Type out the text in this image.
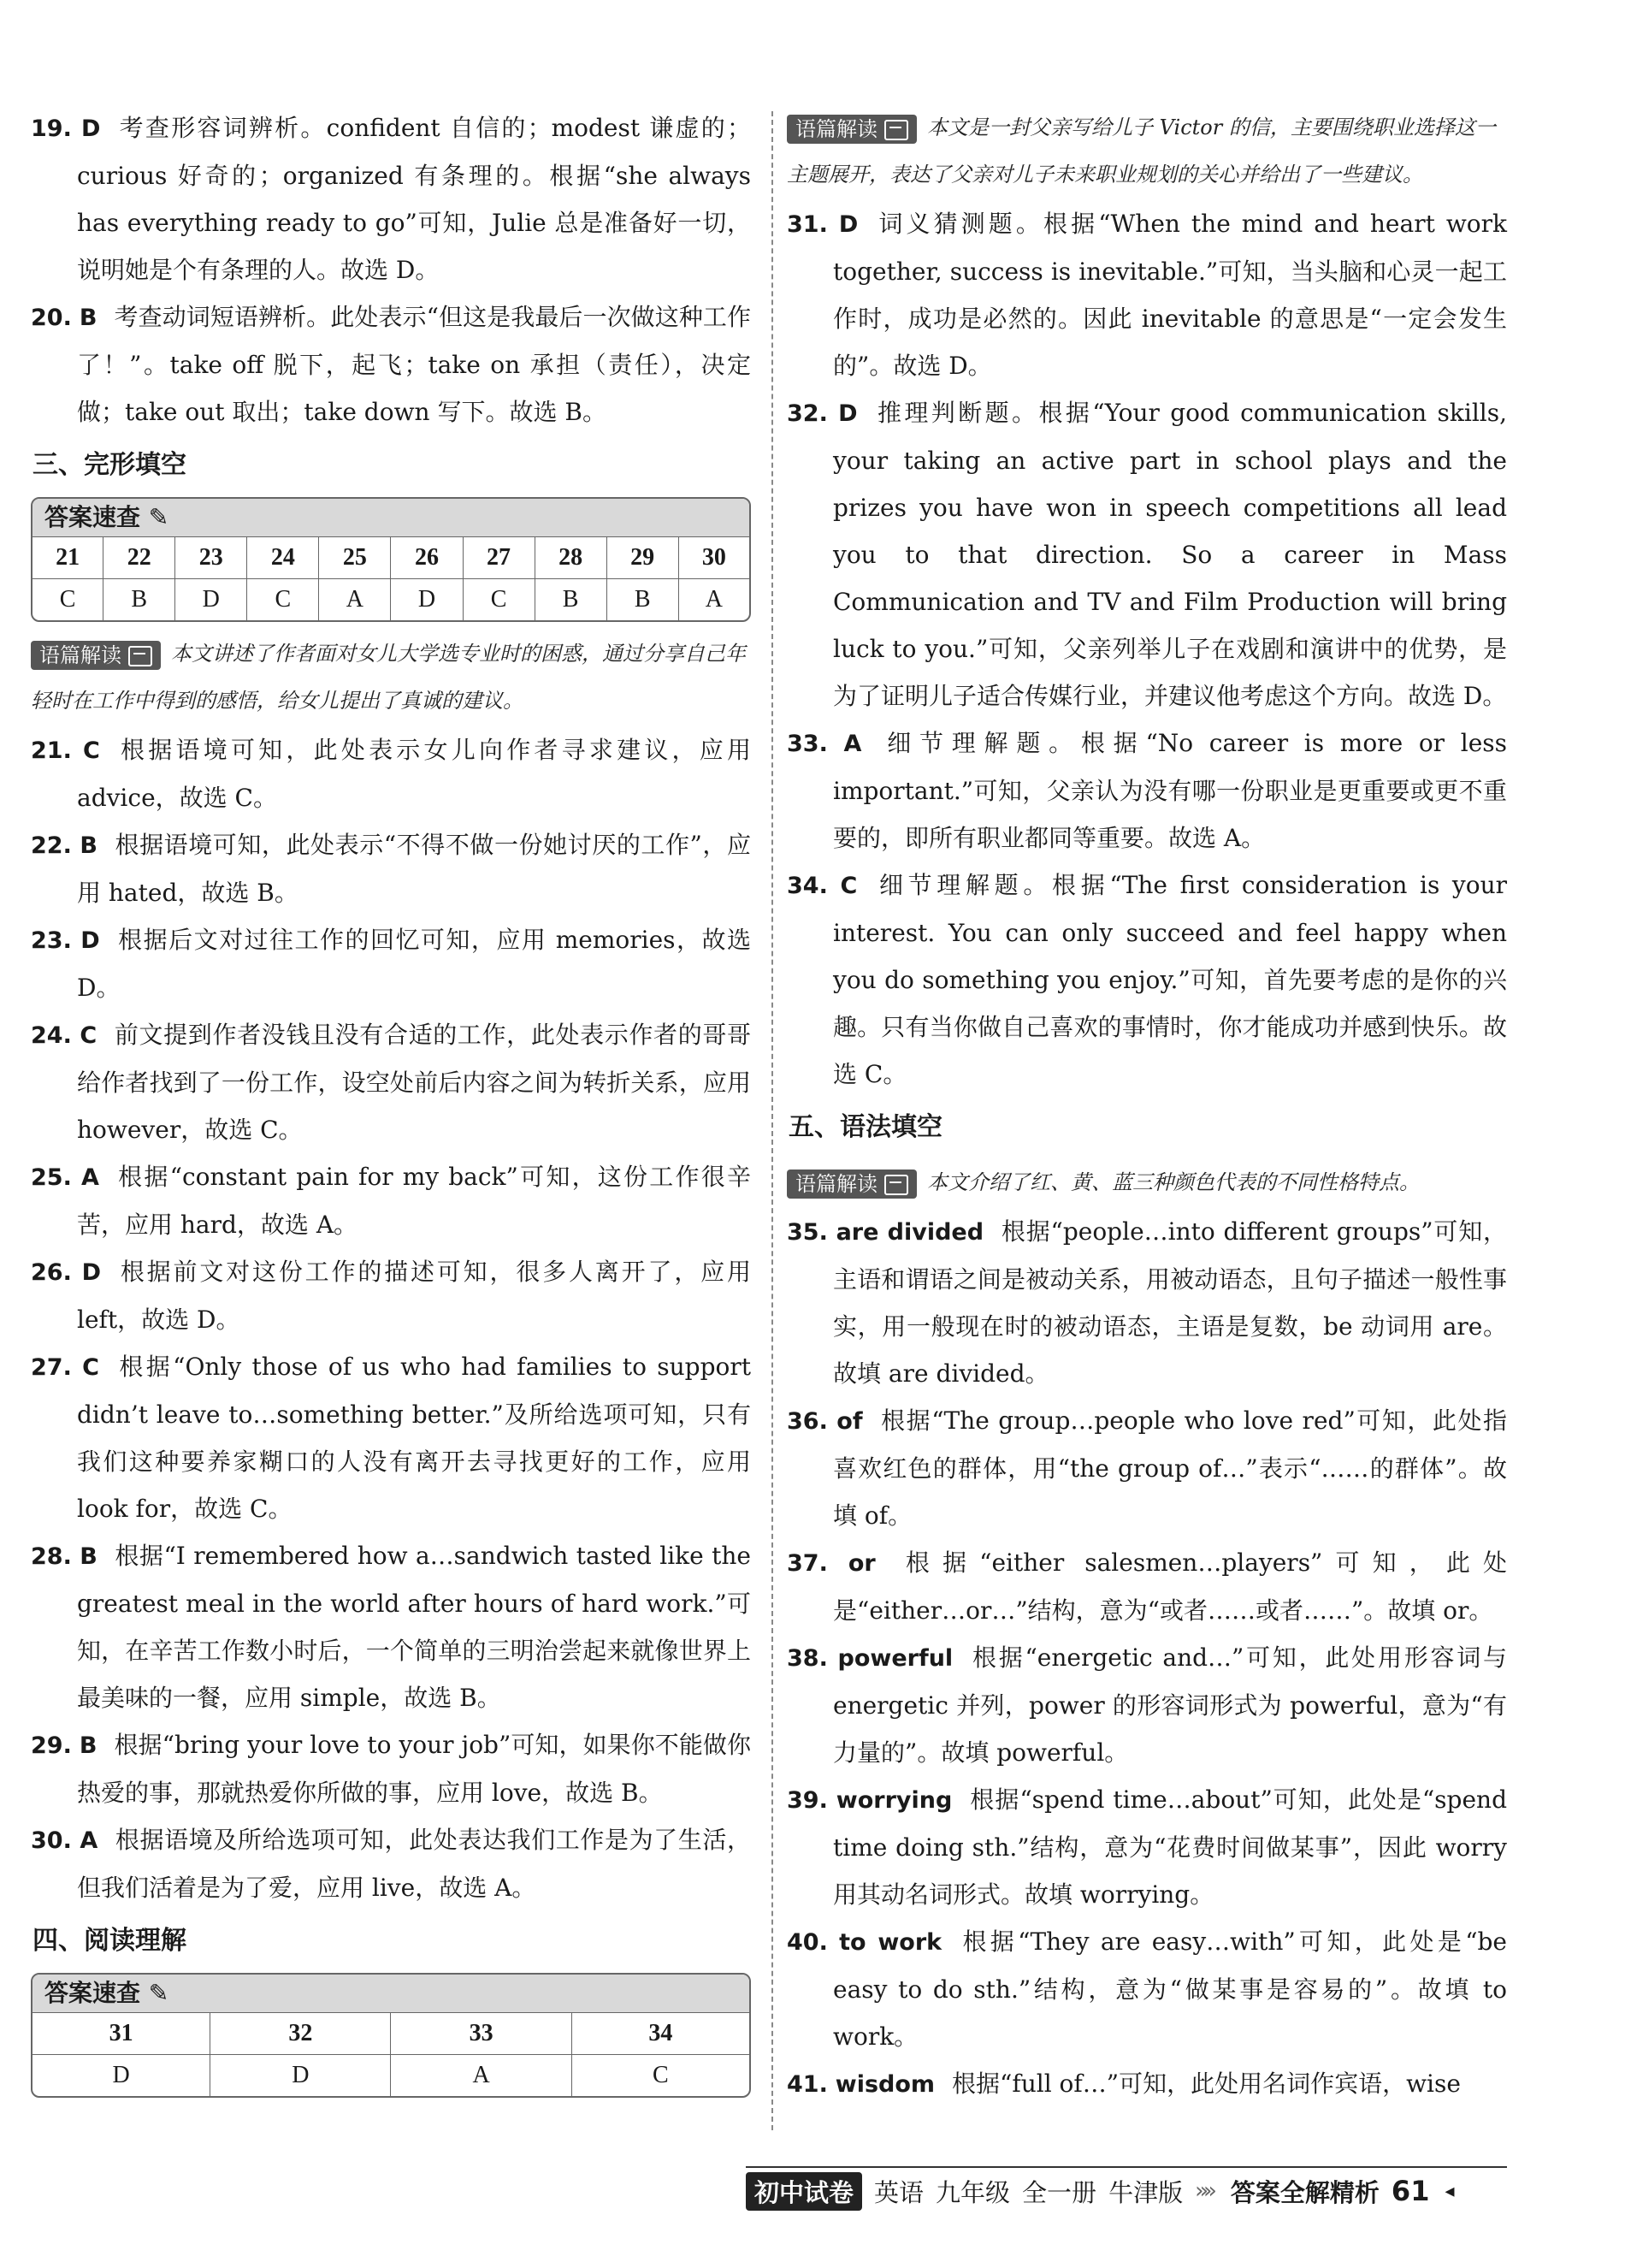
19. D 考查形容词辨析。confident 自信的；modest 谦虚的；curious 好奇的；organized 有条理的。根据“she always has everything ready to go”可知，Julie 总是准备好一切，说明她是个有条理的人。故选 D。

20. B 考查动词短语辨析。此处表示“但这是我最后一次做这种工作了！”。take off 脱下，起飞；take on 承担（责任），决定做；take out 取出；take down 写下。故选 B。

三、完形填空
答案速查 ✎
21	22	23	24	25	26	27	28	29	30
C	B	D	C	A	D	C	B	B	A

语篇解读 本文讲述了作者面对女儿大学选专业时的困惑，通过分享自己年轻时在工作中得到的感悟，给女儿提出了真诚的建议。

21. C 根据语境可知，此处表示女儿向作者寻求建议，应用 advice，故选 C。

22. B 根据语境可知，此处表示“不得不做一份她讨厌的工作”，应用 hated，故选 B。

23. D 根据后文对过往工作的回忆可知，应用 memories，故选 D。

24. C 前文提到作者没钱且没有合适的工作，此处表示作者的哥哥给作者找到了一份工作，设空处前后内容之间为转折关系，应用 however，故选 C。

25. A 根据“constant pain for my back”可知，这份工作很辛苦，应用 hard，故选 A。

26. D 根据前文对这份工作的描述可知，很多人离开了，应用 left，故选 D。

27. C 根据“Only those of us who had families to support didn’t leave to…something better.”及所给选项可知，只有我们这种要养家糊口的人没有离开去寻找更好的工作，应用 look for，故选 C。

28. B 根据“I remembered how a…sandwich tasted like the greatest meal in the world after hours of hard work.”可知，在辛苦工作数小时后，一个简单的三明治尝起来就像世界上最美味的一餐，应用 simple，故选 B。

29. B 根据“bring your love to your job”可知，如果你不能做你热爱的事，那就热爱你所做的事，应用 love，故选 B。

30. A 根据语境及所给选项可知，此处表达我们工作是为了生活，但我们活着是为了爱，应用 live，故选 A。

四、阅读理解
答案速查 ✎
31	32	33	34
D	D	A	C

语篇解读 本文是一封父亲写给儿子 Victor 的信，主要围绕职业选择这一主题展开，表达了父亲对儿子未来职业规划的关心并给出了一些建议。

31. D 词义猜测题。根据“When the mind and heart work together, success is inevitable.”可知，当头脑和心灵一起工作时，成功是必然的。因此 inevitable 的意思是“一定会发生的”。故选 D。

32. D 推理判断题。根据“Your good communication skills, your taking an active part in school plays and the prizes you have won in speech competitions all lead you to that direction. So a career in Mass Communication and TV and Film Production will bring luck to you.”可知，父亲列举儿子在戏剧和演讲中的优势，是为了证明儿子适合传媒行业，并建议他考虑这个方向。故选 D。

33. A 细节理解题。根据“No career is more or less important.”可知，父亲认为没有哪一份职业是更重要或更不重要的，即所有职业都同等重要。故选 A。

34. C 细节理解题。根据“The first consideration is your interest. You can only succeed and feel happy when you do something you enjoy.”可知，首先要考虑的是你的兴趣。只有当你做自己喜欢的事情时，你才能成功并感到快乐。故选 C。

五、语法填空

语篇解读 本文介绍了红、黄、蓝三种颜色代表的不同性格特点。

35. are divided 根据“people…into different groups”可知，主语和谓语之间是被动关系，用被动语态，且句子描述一般性事实，用一般现在时的被动语态，主语是复数，be 动词用 are。故填 are divided。

36. of 根据“The group…people who love red”可知，此处指喜欢红色的群体，用“the group of…”表示“……的群体”。故填 of。

37. or 根据“either salesmen…players”可知，此处是“either…or…”结构，意为“或者……或者……”。故填 or。

38. powerful 根据“energetic and…”可知，此处用形容词与 energetic 并列，power 的形容词形式为 powerful，意为“有力量的”。故填 powerful。

39. worrying 根据“spend time…about”可知，此处是“spend time doing sth.”结构，意为“花费时间做某事”，因此 worry 用其动名词形式。故填 worrying。

40. to work 根据“They are easy…with”可知，此处是“be easy to do sth.”结构，意为“做某事是容易的”。故填 to work。

41. wisdom 根据“full of…”可知，此处用名词作宾语，wise

初中试卷 英语 九年级 全一册 牛津版 »» 答案全解精析 61 ◂
